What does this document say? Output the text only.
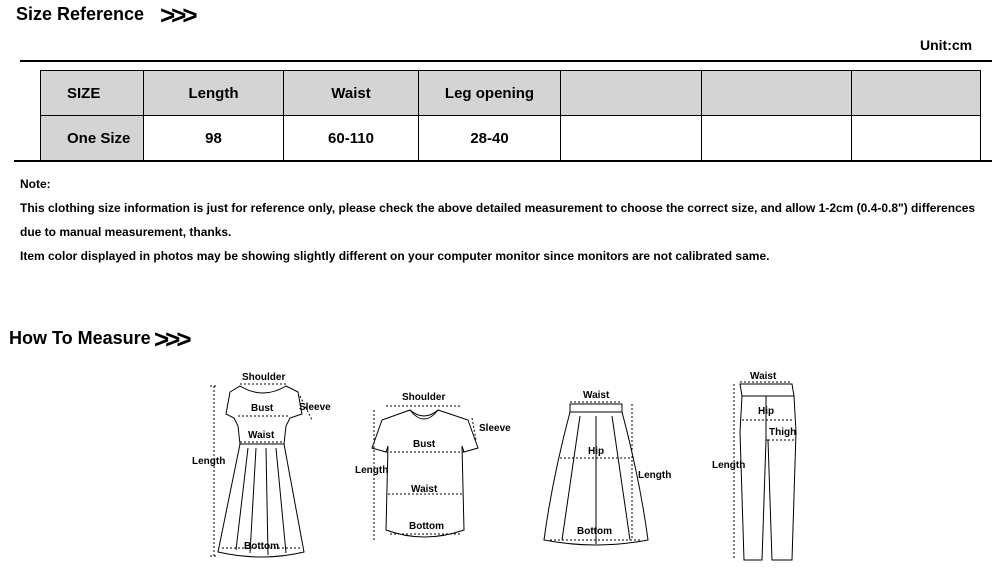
Size Reference >>>
Unit:cm
SIZE	Length	Waist	Leg opening			
One Size	98	60-110	28-40			
Note:
This clothing size information is just for reference only, please check the above detailed measurement to choose the correct size, and allow 1-2cm (0.4-0.8") differences
due to manual measurement, thanks.
Item color displayed in photos may be showing slightly different on your computer monitor since monitors are not calibrated same.
How To Measure >>>
Shoulder
Bust	Sleeve
Waist
Length
Bottom
Shoulder
Sleeve
Bust
Length
Waist
Bottom
Waist
Hip
Length
Bottom
Waist
Hip
Thigh
Length
